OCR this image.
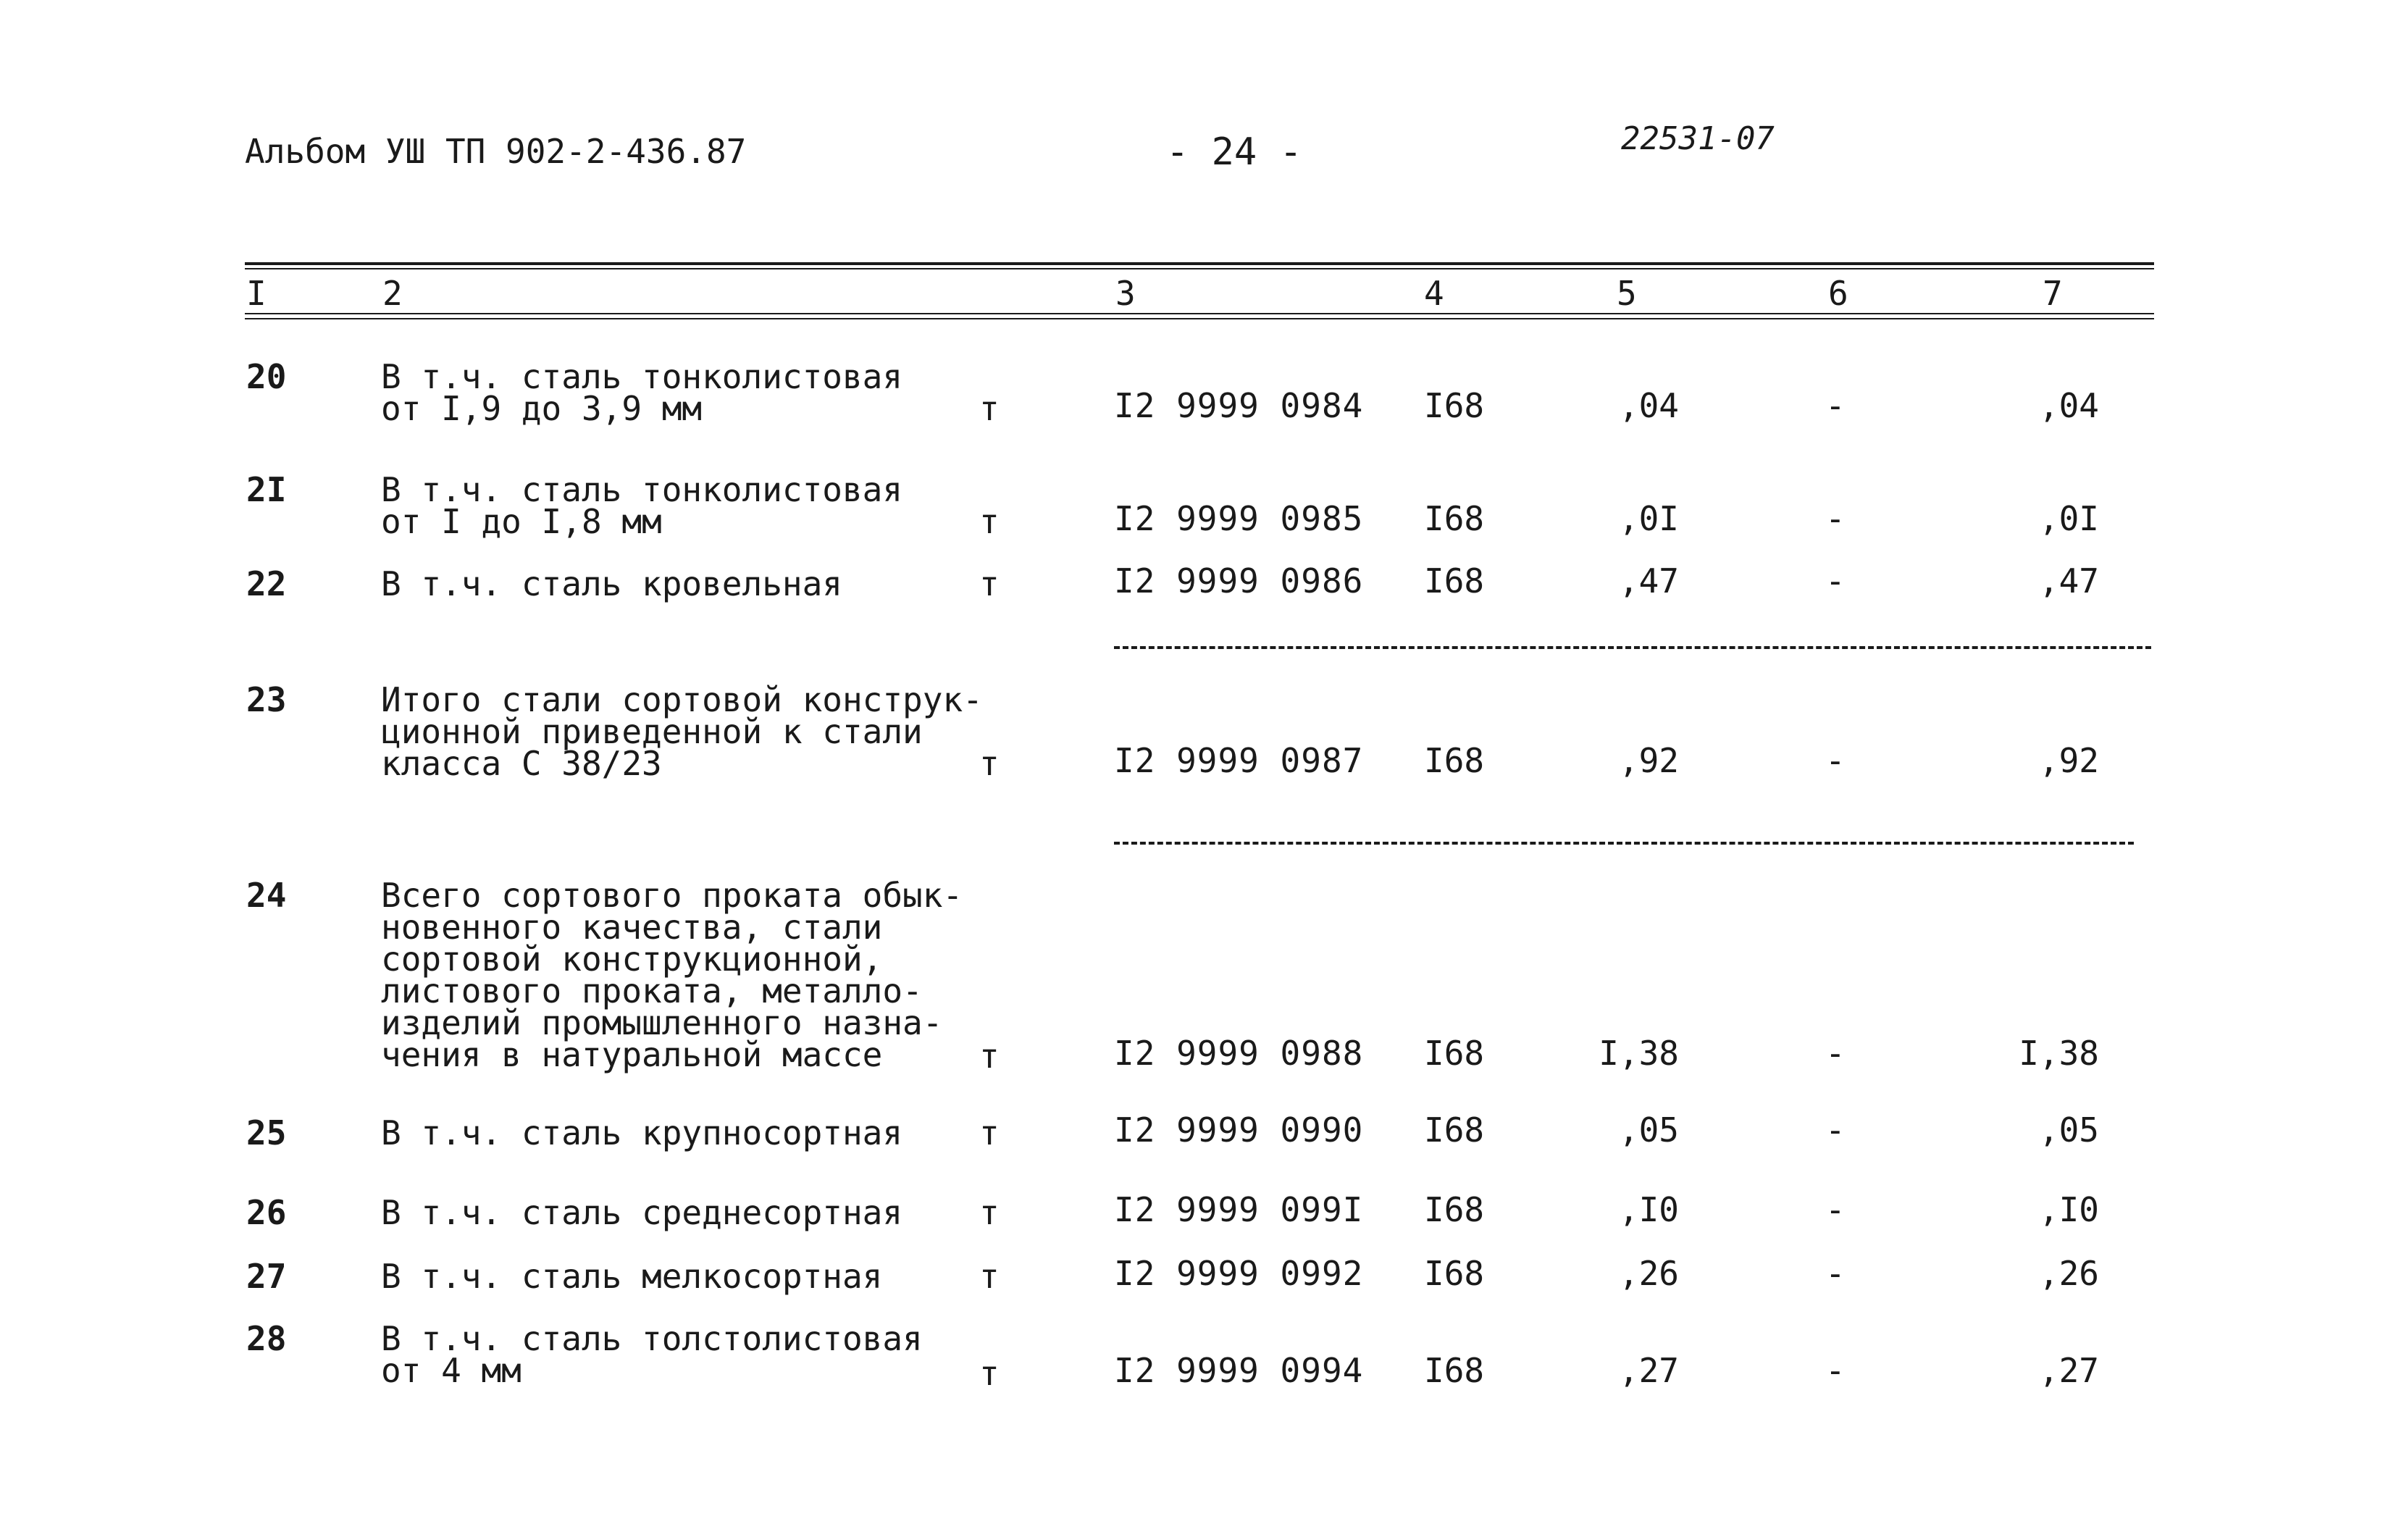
Альбом УШ ТП 902-2-436.87	- 24 -	22531-07
I	2	3	4	5	6	7
20	В т.ч. сталь тонколистовая
от I,9 до 3,9 мм	т	I2 9999 0984 I68	,04	-	,04
2I	В т.ч. сталь тонколистовая
от I до I,8 мм	т	I2 9999 0985 I68	,0I	-	,0I
22	В т.ч. сталь кровельная	т	I2 9999 0986 I68	,47	-	,47
23	Итого стали сортовой конструк-
ционной приведенной к стали
класса С 38/23	т	I2 9999 0987 I68	,92	-	,92
24	Всего сортового проката обык-
новенного качества, стали
сортовой конструкционной,
листового проката, металло-
изделий промышленного назна-
чения в натуральной массе	т	I2 9999 0988 I68	I,38	-	I,38
25	В т.ч. сталь крупносортная т	I2 9999 0990 I68	,05	-	,05
26	В т.ч. сталь среднесортная т	I2 9999 099I I68	,I0	-	,I0
27	В т.ч. сталь мелкосортная	т	I2 9999 0992 I68	,26	-	,26
28	В т.ч. сталь толстолистовая
от 4 мм	т	I2 9999 0994 I68	,27	-	,27
